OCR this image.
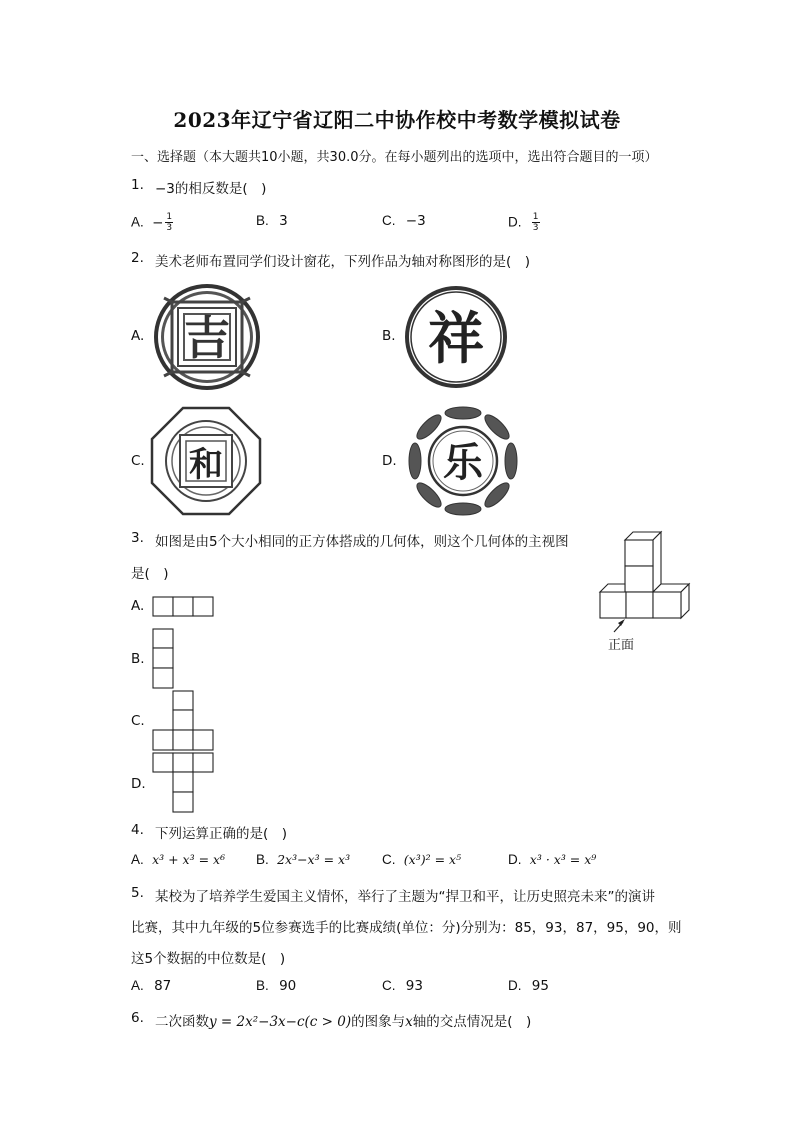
2023年辽宁省辽阳二中协作校中考数学模拟试卷
一、选择题（本大题共10小题，共30.0分。在每小题列出的选项中，选出符合题目的一项）
1. −3的相反数是(　)
A. − $\frac{1}{3}$	B. 3	C. −3	D. $\frac{1}{3}$
2. 美术老师布置同学们设计窗花，下列作品为轴对称图形的是(　)
A. 吉	B. 祥
C. 和	D. 乐
3. 如图是由5个大小相同的正方体搭成的几何体，则这个几何体的主视图
是(　)
正面
A.
B.
C.
D.
4. 下列运算正确的是(　)
A. x³ + x³ = x⁶ B. 2x³−x³ = x³ C. (x³)² = x⁵	D. x³ · x³ = x⁹
5. 某校为了培养学生爱国主义情怀，举行了主题为“捍卫和平，让历史照亮未来”的演讲
比赛，其中九年级的5位参赛选手的比赛成绩(单位：分)分别为：85，93，87，95，90，则
这5个数据的中位数是(　)
A. 87	B. 90	C. 93	D. 95
6. 二次函数y = 2x²−3x−c(c > 0)的图象与x轴的交点情况是(　)
